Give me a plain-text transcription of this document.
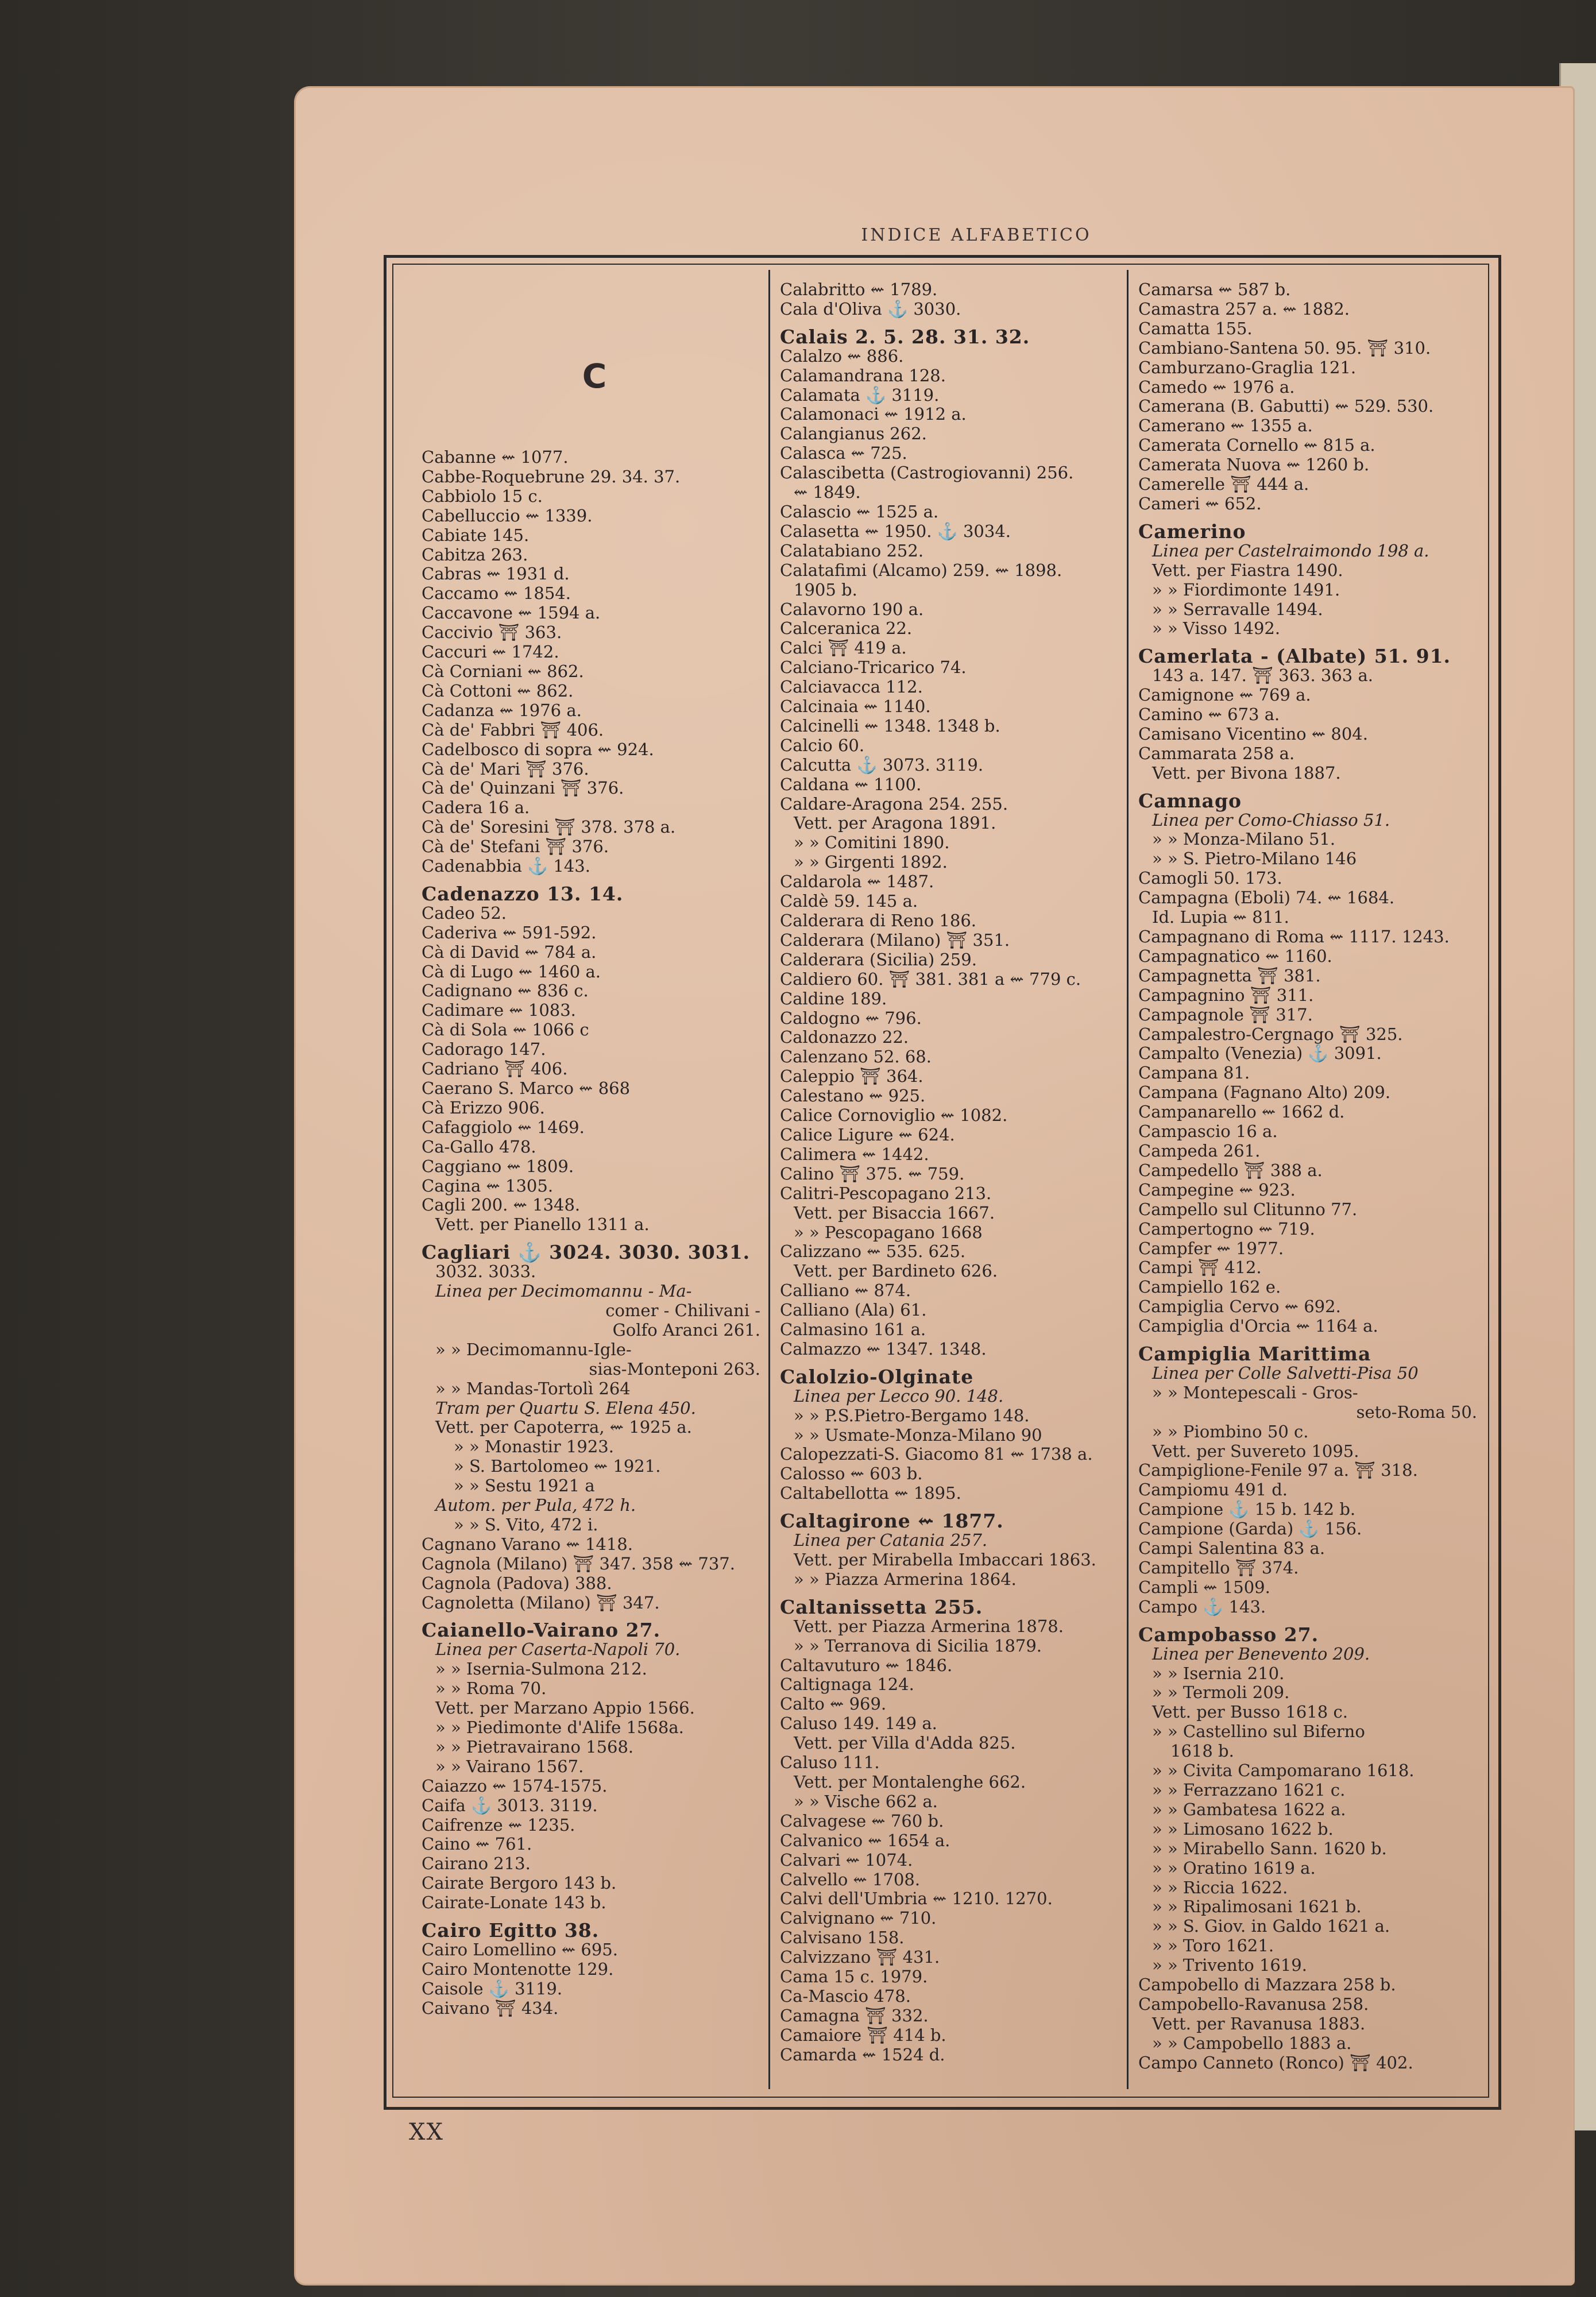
INDICE ALFABETICO
C
Cabanne ⇜ 1077.
Cabbe-Roquebrune 29. 34. 37.
Cabbiolo 15 c.
Cabelluccio ⇜ 1339.
Cabiate 145.
Cabitza 263.
Cabras ⇜ 1931 d.
Caccamo ⇜ 1854.
Caccavone ⇜ 1594 a.
Caccivio ⛩ 363.
Caccuri ⇜ 1742.
Cà Corniani ⇜ 862.
Cà Cottoni ⇜ 862.
Cadanza ⇜ 1976 a.
Cà de' Fabbri ⛩ 406.
Cadelbosco di sopra ⇜ 924.
Cà de' Mari ⛩ 376.
Cà de' Quinzani ⛩ 376.
Cadera 16 a.
Cà de' Soresini ⛩ 378. 378 a.
Cà de' Stefani ⛩ 376.
Cadenabbia ⚓ 143.
Cadenazzo 13. 14.
Cadeo 52.
Caderiva ⇜ 591-592.
Cà di David ⇜ 784 a.
Cà di Lugo ⇜ 1460 a.
Cadignano ⇜ 836 c.
Cadimare ⇜ 1083.
Cà di Sola ⇜ 1066 c
Cadorago 147.
Cadriano ⛩ 406.
Caerano S. Marco ⇜ 868
Cà Erizzo 906.
Cafaggiolo ⇜ 1469.
Ca-Gallo 478.
Caggiano ⇜ 1809.
Cagina ⇜ 1305.
Cagli 200. ⇜ 1348.
Vett. per Pianello 1311 a.
Cagliari ⚓ 3024. 3030. 3031.
3032. 3033.
Linea per Decimomannu - Ma-
comer - Chilivani -
Golfo Aranci 261.
» » Decimomannu-Igle-
sias-Monteponi 263.
» » Mandas-Tortolì 264
Tram per Quartu S. Elena 450.
Vett. per Capoterra, ⇜ 1925 a.
» » Monastir 1923.
» S. Bartolomeo ⇜ 1921.
» » Sestu 1921 a
Autom. per Pula, 472 h.
» » S. Vito, 472 i.
Cagnano Varano ⇜ 1418.
Cagnola (Milano) ⛩ 347. 358 ⇜ 737.
Cagnola (Padova) 388.
Cagnoletta (Milano) ⛩ 347.
Caianello-Vairano 27.
Linea per Caserta-Napoli 70.
» » Isernia-Sulmona 212.
» » Roma 70.
Vett. per Marzano Appio 1566.
» » Piedimonte d'Alife 1568a.
» » Pietravairano 1568.
» » Vairano 1567.
Caiazzo ⇜ 1574-1575.
Caifa ⚓ 3013. 3119.
Caifrenze ⇜ 1235.
Caino ⇜ 761.
Cairano 213.
Cairate Bergoro 143 b.
Cairate-Lonate 143 b.
Cairo Egitto 38.
Cairo Lomellino ⇜ 695.
Cairo Montenotte 129.
Caisole ⚓ 3119.
Caivano ⛩ 434.
Calabritto ⇜ 1789.
Cala d'Oliva ⚓ 3030.
Calais 2. 5. 28. 31. 32.
Calalzo ⇜ 886.
Calamandrana 128.
Calamata ⚓ 3119.
Calamonaci ⇜ 1912 a.
Calangianus 262.
Calasca ⇜ 725.
Calascibetta (Castrogiovanni) 256.
⇜ 1849.
Calascio ⇜ 1525 a.
Calasetta ⇜ 1950. ⚓ 3034.
Calatabiano 252.
Calatafimi (Alcamo) 259. ⇜ 1898.
1905 b.
Calavorno 190 a.
Calceranica 22.
Calci ⛩ 419 a.
Calciano-Tricarico 74.
Calciavacca 112.
Calcinaia ⇜ 1140.
Calcinelli ⇜ 1348. 1348 b.
Calcio 60.
Calcutta ⚓ 3073. 3119.
Caldana ⇜ 1100.
Caldare-Aragona 254. 255.
Vett. per Aragona 1891.
» » Comitini 1890.
» » Girgenti 1892.
Caldarola ⇜ 1487.
Caldè 59. 145 a.
Calderara di Reno 186.
Calderara (Milano) ⛩ 351.
Calderara (Sicilia) 259.
Caldiero 60. ⛩ 381. 381 a ⇜ 779 c.
Caldine 189.
Caldogno ⇜ 796.
Caldonazzo 22.
Calenzano 52. 68.
Caleppio ⛩ 364.
Calestano ⇜ 925.
Calice Cornoviglio ⇜ 1082.
Calice Ligure ⇜ 624.
Calimera ⇜ 1442.
Calino ⛩ 375. ⇜ 759.
Calitri-Pescopagano 213.
Vett. per Bisaccia 1667.
» » Pescopagano 1668
Calizzano ⇜ 535. 625.
Vett. per Bardineto 626.
Calliano ⇜ 874.
Calliano (Ala) 61.
Calmasino 161 a.
Calmazzo ⇜ 1347. 1348.
Calolzio-Olginate
Linea per Lecco 90. 148.
» » P.S.Pietro-Bergamo 148.
» » Usmate-Monza-Milano 90
Calopezzati-S. Giacomo 81 ⇜ 1738 a.
Calosso ⇜ 603 b.
Caltabellotta ⇜ 1895.
Caltagirone ⇜ 1877.
Linea per Catania 257.
Vett. per Mirabella Imbaccari 1863.
» » Piazza Armerina 1864.
Caltanissetta 255.
Vett. per Piazza Armerina 1878.
» » Terranova di Sicilia 1879.
Caltavuturo ⇜ 1846.
Caltignaga 124.
Calto ⇜ 969.
Caluso 149. 149 a.
Vett. per Villa d'Adda 825.
Caluso 111.
Vett. per Montalenghe 662.
» » Vische 662 a.
Calvagese ⇜ 760 b.
Calvanico ⇜ 1654 a.
Calvari ⇜ 1074.
Calvello ⇜ 1708.
Calvi dell'Umbria ⇜ 1210. 1270.
Calvignano ⇜ 710.
Calvisano 158.
Calvizzano ⛩ 431.
Cama 15 c. 1979.
Ca-Mascio 478.
Camagna ⛩ 332.
Camaiore ⛩ 414 b.
Camarda ⇜ 1524 d.
Camarsa ⇜ 587 b.
Camastra 257 a. ⇜ 1882.
Camatta 155.
Cambiano-Santena 50. 95. ⛩ 310.
Camburzano-Graglia 121.
Camedo ⇜ 1976 a.
Camerana (B. Gabutti) ⇜ 529. 530.
Camerano ⇜ 1355 a.
Camerata Cornello ⇜ 815 a.
Camerata Nuova ⇜ 1260 b.
Camerelle ⛩ 444 a.
Cameri ⇜ 652.
Camerino
Linea per Castelraimondo 198 a.
Vett. per Fiastra 1490.
» » Fiordimonte 1491.
» » Serravalle 1494.
» » Visso 1492.
Camerlata - (Albate) 51. 91.
143 a. 147. ⛩ 363. 363 a.
Camignone ⇜ 769 a.
Camino ⇜ 673 a.
Camisano Vicentino ⇜ 804.
Cammarata 258 a.
Vett. per Bivona 1887.
Camnago
Linea per Como-Chiasso 51.
» » Monza-Milano 51.
» » S. Pietro-Milano 146
Camogli 50. 173.
Campagna (Eboli) 74. ⇜ 1684.
Id. Lupia ⇜ 811.
Campagnano di Roma ⇜ 1117. 1243.
Campagnatico ⇜ 1160.
Campagnetta ⛩ 381.
Campagnino ⛩ 311.
Campagnole ⛩ 317.
Campalestro-Cergnago ⛩ 325.
Campalto (Venezia) ⚓ 3091.
Campana 81.
Campana (Fagnano Alto) 209.
Campanarello ⇜ 1662 d.
Campascio 16 a.
Campeda 261.
Campedello ⛩ 388 a.
Campegine ⇜ 923.
Campello sul Clitunno 77.
Campertogno ⇜ 719.
Campfer ⇜ 1977.
Campi ⛩ 412.
Campiello 162 e.
Campiglia Cervo ⇜ 692.
Campiglia d'Orcia ⇜ 1164 a.
Campiglia Marittima
Linea per Colle Salvetti-Pisa 50
» » Montepescali - Gros-
seto-Roma 50.
» » Piombino 50 c.
Vett. per Suvereto 1095.
Campiglione-Fenile 97 a. ⛩ 318.
Campiomu 491 d.
Campione ⚓ 15 b. 142 b.
Campione (Garda) ⚓ 156.
Campi Salentina 83 a.
Campitello ⛩ 374.
Campli ⇜ 1509.
Campo ⚓ 143.
Campobasso 27.
Linea per Benevento 209.
» » Isernia 210.
» » Termoli 209.
Vett. per Busso 1618 c.
» » Castellino sul Biferno
1618 b.
» » Civita Campomarano 1618.
» » Ferrazzano 1621 c.
» » Gambatesa 1622 a.
» » Limosano 1622 b.
» » Mirabello Sann. 1620 b.
» » Oratino 1619 a.
» » Riccia 1622.
» » Ripalimosani 1621 b.
» » S. Giov. in Galdo 1621 a.
» » Toro 1621.
» » Trivento 1619.
Campobello di Mazzara 258 b.
Campobello-Ravanusa 258.
Vett. per Ravanusa 1883.
» » Campobello 1883 a.
Campo Canneto (Ronco) ⛩ 402.
XX
